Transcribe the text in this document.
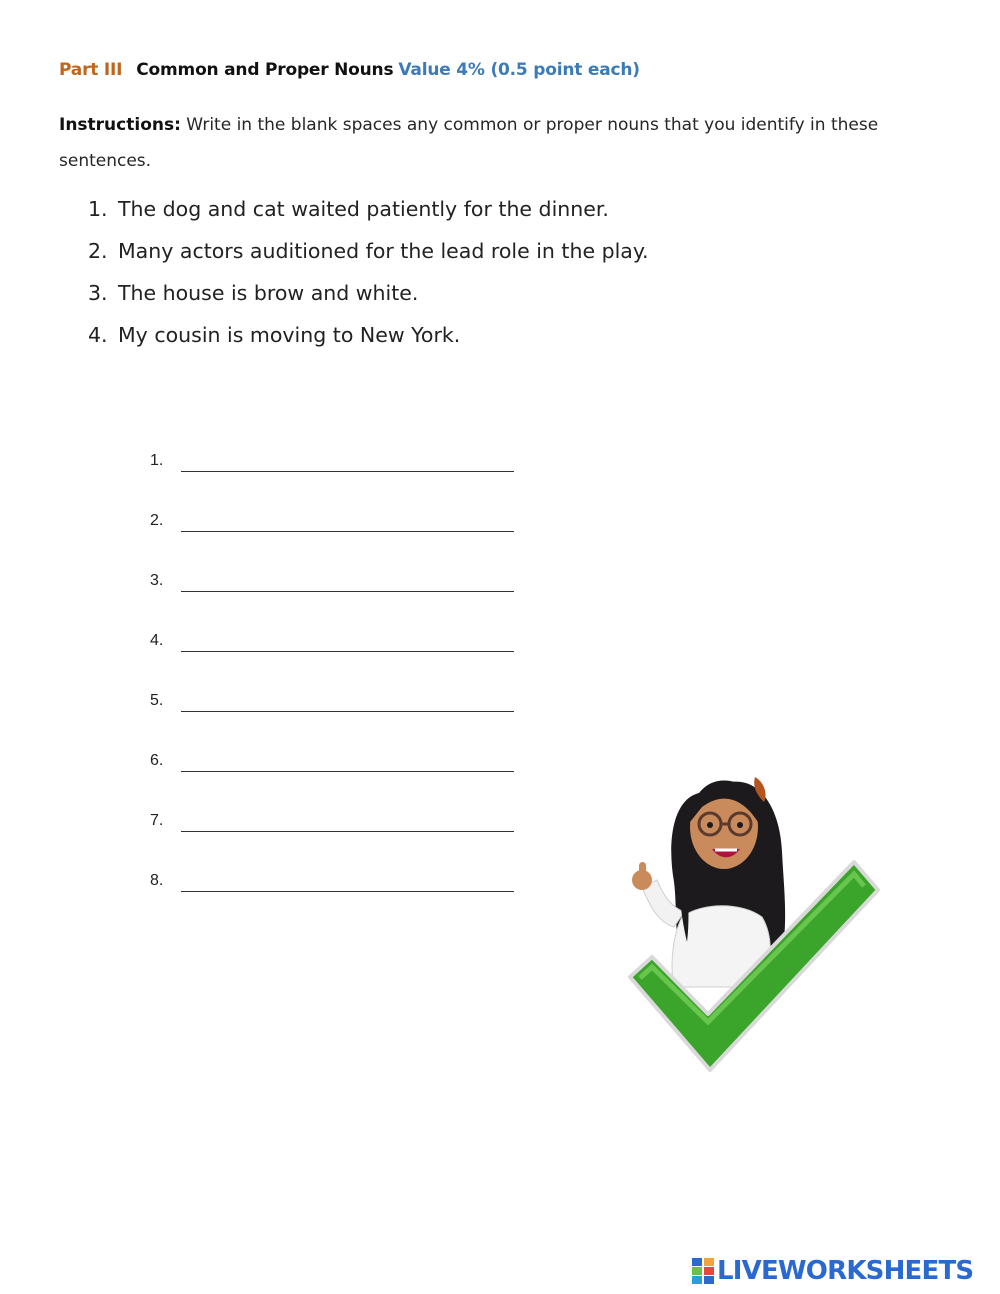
Part III Common and Proper Nouns Value 4% (0.5 point each)
Instructions: Write in the blank spaces any common or proper nouns that you identify in these sentences.
1. The dog and cat waited patiently for the dinner.
2. Many actors auditioned for the lead role in the play.
3. The house is brow and white.
4. My cousin is moving to New York.
1.
2.
3.
4.
5.
6.
7.
8.
LIVEWORKSHEETS
